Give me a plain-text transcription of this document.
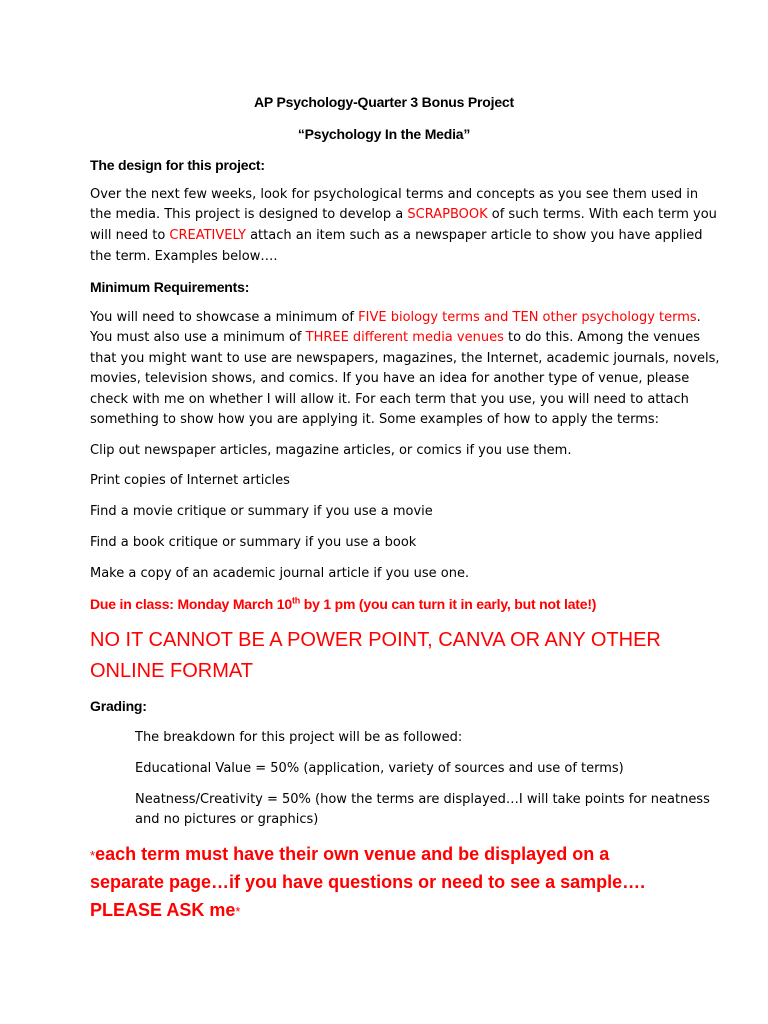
AP Psychology-Quarter 3 Bonus Project
“Psychology In the Media”
The design for this project:
Over the next few weeks, look for psychological terms and concepts as you see them used in
the media. This project is designed to develop a SCRAPBOOK of such terms. With each term you
will need to CREATIVELY attach an item such as a newspaper article to show you have applied
the term. Examples below….
Minimum Requirements:
You will need to showcase a minimum of FIVE biology terms and TEN other psychology terms.
You must also use a minimum of THREE different media venues to do this. Among the venues
that you might want to use are newspapers, magazines, the Internet, academic journals, novels,
movies, television shows, and comics. If you have an idea for another type of venue, please
check with me on whether I will allow it. For each term that you use, you will need to attach
something to show how you are applying it. Some examples of how to apply the terms:
Clip out newspaper articles, magazine articles, or comics if you use them.
Print copies of Internet articles
Find a movie critique or summary if you use a movie
Find a book critique or summary if you use a book
Make a copy of an academic journal article if you use one.
Due in class: Monday March 10th by 1 pm (you can turn it in early, but not late!)
NO IT CANNOT BE A POWER POINT, CANVA OR ANY OTHER
ONLINE FORMAT
Grading:
The breakdown for this project will be as followed:
Educational Value = 50% (application, variety of sources and use of terms)
Neatness/Creativity = 50% (how the terms are displayed…I will take points for neatness
and no pictures or graphics)
*each term must have their own venue and be displayed on a
separate page…if you have questions or need to see a sample….
PLEASE ASK me*
